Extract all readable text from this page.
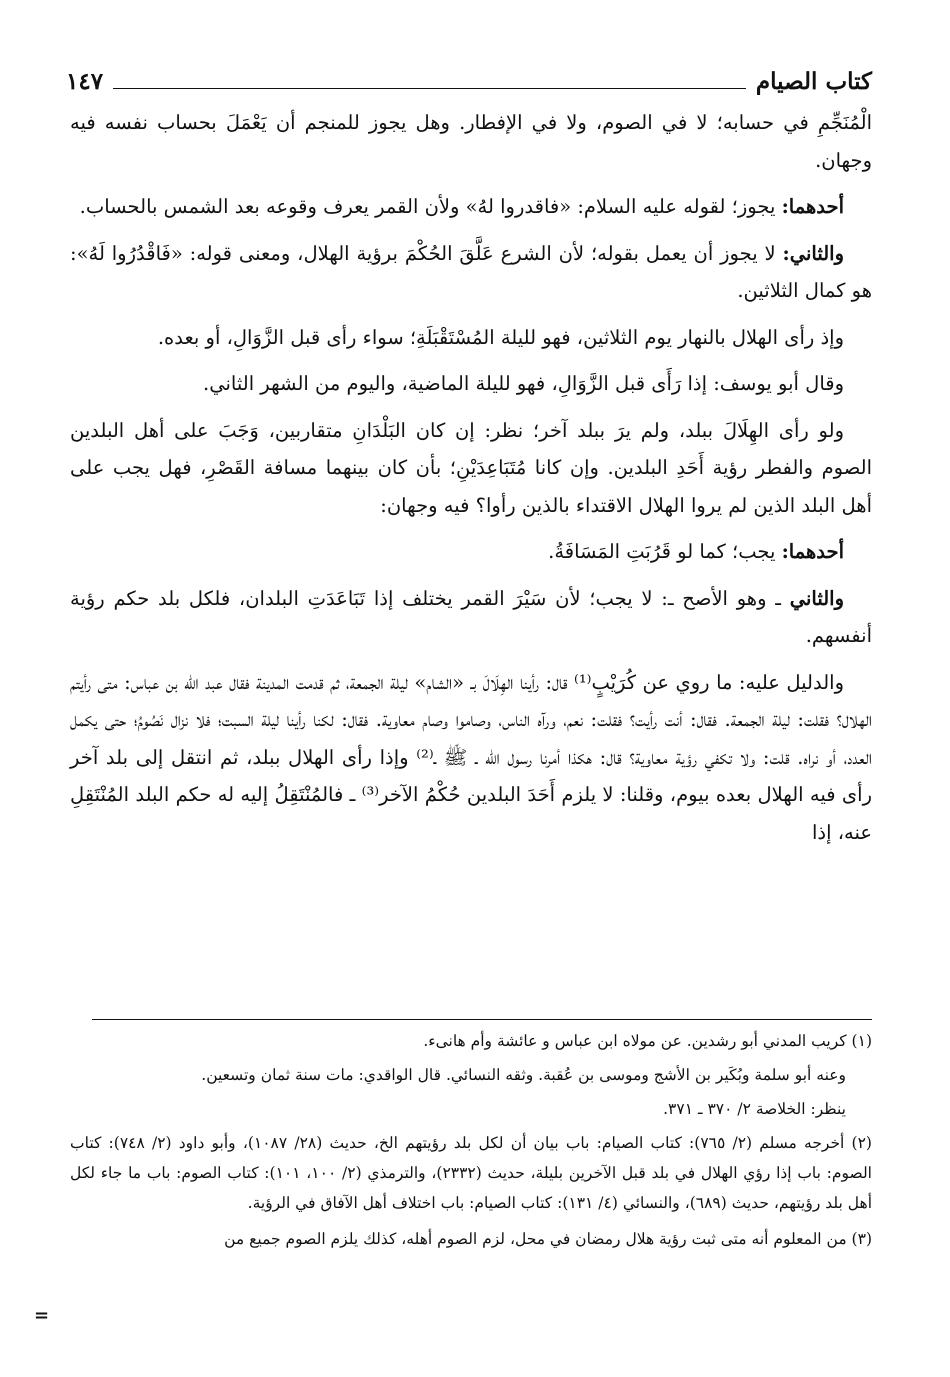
كتاب الصيام
١٤٧

الْمُنَجِّمِ في حسابه؛ لا في الصوم، ولا في الإفطار. وهل يجوز للمنجم أن يَعْمَلَ بحساب نفسه فيه وجهان.

أحدهما: يجوز؛ لقوله عليه السلام: «فاقدروا لهُ» ولأن القمر يعرف وقوعه بعد الشمس بالحساب.

والثاني: لا يجوز أن يعمل بقوله؛ لأن الشرع عَلَّقَ الحُكْمَ برؤية الهلال، ومعنى قوله: «فَاقْدُرُوا لَهُ»: هو كمال الثلاثين.

وإذ رأى الهلال بالنهار يوم الثلاثين، فهو لليلة المُسْتَقْبَلَةِ؛ سواء رأى قبل الزَّوَالِ، أو بعده.

وقال أبو يوسف: إذا رَأَى قبل الزَّوَالِ، فهو لليلة الماضية، واليوم من الشهر الثاني.

ولو رأى الهِلَالَ ببلد، ولم يرَ ببلد آخر؛ نظر: إن كان البَلْدَانِ متقاربين، وَجَبَ على أهل البلدين الصوم والفطر رؤية أَحَدِ البلدين. وإن كانا مُتَبَاعِدَيْنِ؛ بأن كان بينهما مسافة القَصْرِ، فهل يجب على أهل البلد الذين لم يروا الهلال الاقتداء بالذين رأوا؟ فيه وجهان:

أحدهما: يجب؛ كما لو قَرُبَتِ المَسَافَةُ.

والثاني ـ وهو الأصح ـ: لا يجب؛ لأن سَيْرَ القمر يختلف إذا تَبَاعَدَتِ البلدان، فلكل بلد حكم رؤية أنفسهم.

والدليل عليه: ما روي عن كُرَيْبٍ⁽¹⁾ قال: رأينا الهِلَالَ بـ «الشام» ليلة الجمعة، ثم قدمت المدينة فقال عبد الله بن عباس: متى رأيتم الهلال؟ فقلت: ليلة الجمعة. فقال: أنت رأيت؟ فقلت: نعم، ورآه الناس، وصاموا وصام معاوية. فقال: لكنا رأينا ليلة السبت؛ فلا نزال نَصُومُ؛ حتى يكمل العدد، أو نراه. قلت: ولا تكفي رؤية معاوية؟ قال: هكذا أمرنا رسول الله ـ ﷺ ـ⁽²⁾ وإذا رأى الهلال ببلد، ثم انتقل إلى بلد آخر رأى فيه الهلال بعده بيوم، وقلنا: لا يلزم أَحَدَ البلدين حُكْمُ الآخر⁽³⁾ ـ فالمُنْتَقِلُ إليه له حكم البلد المُنْتَقِلِ عنه، إذا

(١) كريب المدني أبو رشدين. عن مولاه ابن عباس و عائشة وأم هانىء.

وعنه أبو سلمة وبُكَير بن الأشج وموسى بن عُقبة. وثقه النسائي. قال الواقدي: مات سنة ثمان وتسعين.

ينظر: الخلاصة ٢/ ٣٧٠ ـ ٣٧١.

(٢) أخرجه مسلم (٢/ ٧٦٥): كتاب الصيام: باب بيان أن لكل بلد رؤيتهم الخ، حديث (٢٨/ ١٠٨٧)، وأبو داود (٢/ ٧٤٨): كتاب الصوم: باب إذا رؤي الهلال في بلد قبل الآخرين بليلة، حديث (٢٣٣٢)، والترمذي (٢/ ١٠٠، ١٠١): كتاب الصوم: باب ما جاء لكل أهل بلد رؤيتهم، حديث (٦٨٩)، والنسائي (٤/ ١٣١): كتاب الصيام: باب اختلاف أهل الآفاق في الرؤية.

(٣) من المعلوم أنه متى ثبت رؤية هلال رمضان في محل، لزم الصوم أهله، كذلك يلزم الصوم جميع من

=
